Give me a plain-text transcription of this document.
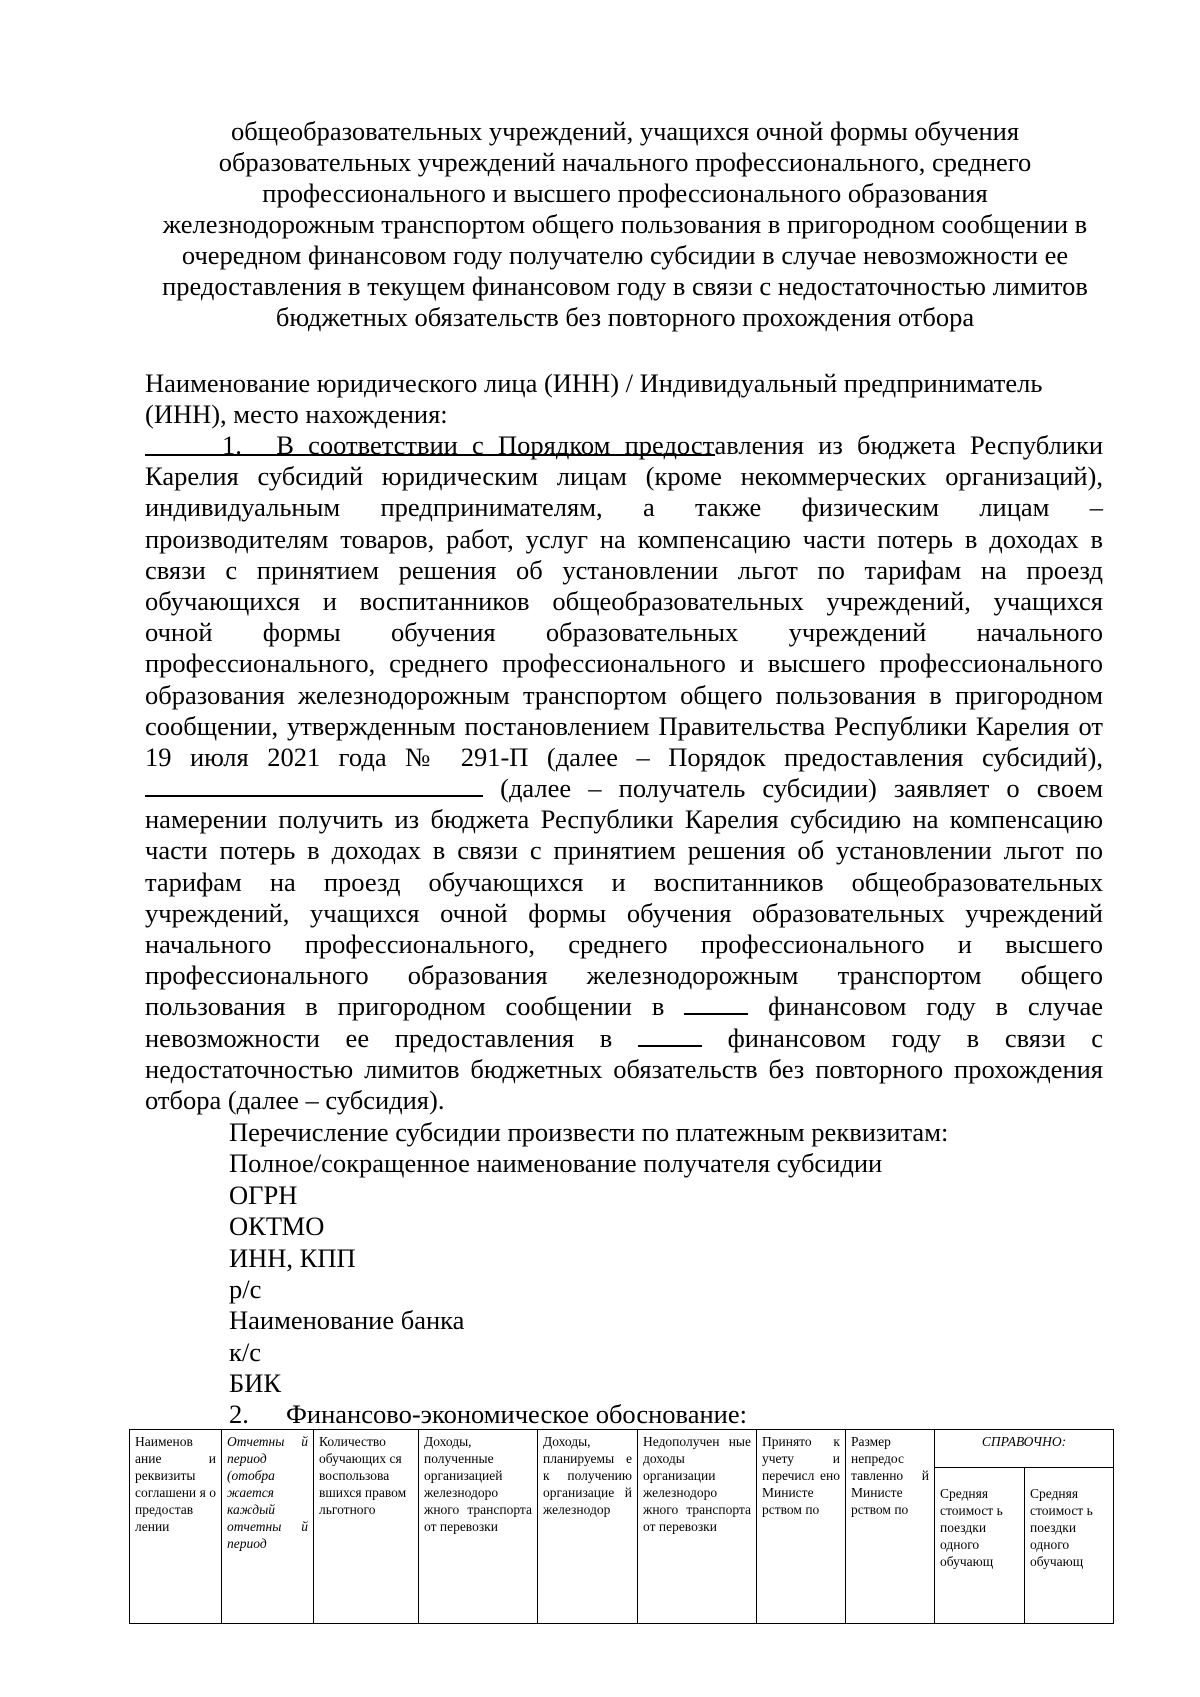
общеобразовательных учреждений, учащихся очной формы обучения
образовательных учреждений начального профессионального, среднего
профессионального и высшего профессионального образования
железнодорожным транспортом общего пользования в пригородном сообщении в
очередном финансовом году получателю субсидии в случае невозможности ее
предоставления в текущем финансовом году в связи с недостаточностью лимитов
бюджетных обязательств без повторного прохождения отбора
Наименование юридического лица (ИНН) / Индивидуальный предприниматель
(ИНН), место нахождения:
1. В соответствии с Порядком предоставления из бюджета Республики
Карелия субсидий юридическим лицам (кроме некоммерческих организаций),
индивидуальным предпринимателям, а также физическим лицам –
производителям товаров, работ, услуг на компенсацию части потерь в доходах в
связи с принятием решения об установлении льгот по тарифам на проезд
обучающихся и воспитанников общеобразовательных учреждений, учащихся
очной формы обучения образовательных учреждений начального
профессионального, среднего профессионального и высшего профессионального
образования железнодорожным транспортом общего пользования в пригородном
сообщении, утвержденным постановлением Правительства Республики Карелия от
19 июля 2021 года № 291-П (далее – Порядок предоставления субсидий),
(далее – получатель субсидии) заявляет о своем
намерении получить из бюджета Республики Карелия субсидию на компенсацию
части потерь в доходах в связи с принятием решения об установлении льгот по
тарифам на проезд обучающихся и воспитанников общеобразовательных
учреждений, учащихся очной формы обучения образовательных учреждений
начального профессионального, среднего профессионального и высшего
профессионального образования железнодорожным транспортом общего
пользования в пригородном сообщении в	финансовом году в случае
невозможности ее предоставления в	финансовом году в связи с
недостаточностью лимитов бюджетных обязательств без повторного прохождения
отбора (далее – субсидия).
Перечисление субсидии произвести по платежным реквизитам:
Полное/сокращенное наименование получателя субсидии
ОГРН
ОКТМО
ИНН, КПП
р/с
Наименование банка
к/с
БИК
2. Финансово-экономическое обоснование:
Наименов ание и реквизиты соглашени я о предостав лении	Отчетны й период (отобра жается каждый отчетны й период	Количество обучающих ся воспользова вшихся правом льготного	Доходы, полученные организацией железнодоро жного транспорта от перевозки	Доходы, планируемы е к получению организацие й железнодор	Недополучен ные доходы организации железнодоро жного транспорта от перевозки	Принято к учету и перечисл ено Министе рством по	Размер непредос тавленно й Министе рством по	СПРАВОЧНО:	

								Средняя стоимост ь поездки одного обучающ	Средняя стоимост ь поездки одного обучающ
